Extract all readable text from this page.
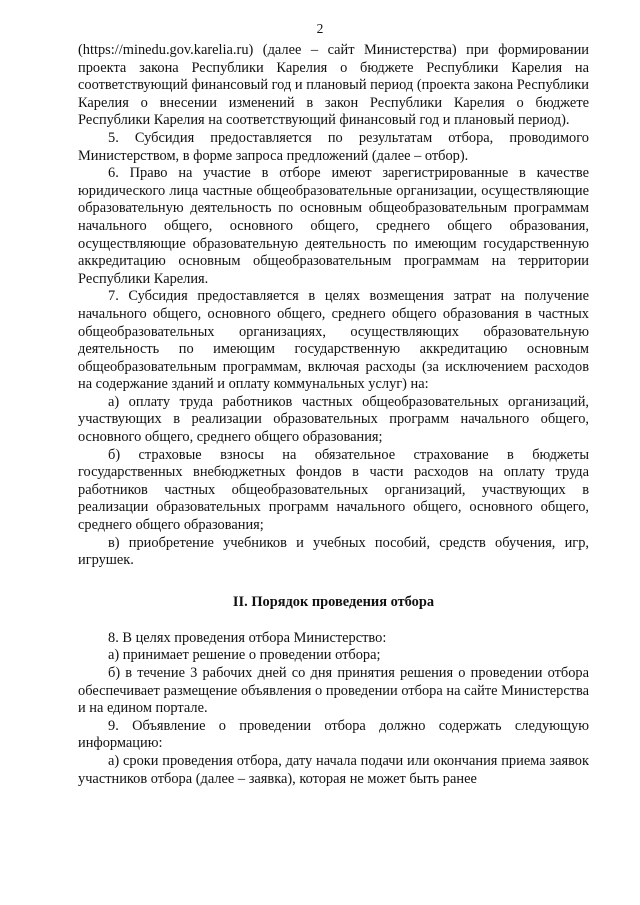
2

(https://minedu.gov.karelia.ru) (далее – сайт Министерства) при формировании проекта закона Республики Карелия о бюджете Республики Карелия на соответствующий финансовый год и плановый период (проекта закона Республики Карелия о внесении изменений в закон Республики Карелия о бюджете Республики Карелия на соответствующий финансовый год и плановый период).

5. Субсидия предоставляется по результатам отбора, проводимого Министерством, в форме запроса предложений (далее – отбор).

6. Право на участие в отборе имеют зарегистрированные в качестве юридического лица частные общеобразовательные организации, осуществляющие образовательную деятельность по основным общеобразовательным программам начального общего, основного общего, среднего общего образования, осуществляющие образовательную деятельность по имеющим государственную аккредитацию основным общеобразовательным программам на территории Республики Карелия.

7. Субсидия предоставляется в целях возмещения затрат на получение начального общего, основного общего, среднего общего образования в частных общеобразовательных организациях, осуществляющих образовательную деятельность по имеющим государственную аккредитацию основным общеобразовательным программам, включая расходы (за исключением расходов на содержание зданий и оплату коммунальных услуг) на:

а) оплату труда работников частных общеобразовательных организаций, участвующих в реализации образовательных программ начального общего, основного общего, среднего общего образования;

б) страховые взносы на обязательное страхование в бюджеты государственных внебюджетных фондов в части расходов на оплату труда работников частных общеобразовательных организаций, участвующих в реализации образовательных программ начального общего, основного общего, среднего общего образования;

в) приобретение учебников и учебных пособий, средств обучения, игр, игрушек.

II. Порядок проведения отбора

8. В целях проведения отбора Министерство:

а) принимает решение о проведении отбора;

б) в течение 3 рабочих дней со дня принятия решения о проведении отбора обеспечивает размещение объявления о проведении отбора на сайте Министерства и на едином портале.

9. Объявление о проведении отбора должно содержать следующую информацию:

а) сроки проведения отбора, дату начала подачи или окончания приема заявок участников отбора (далее – заявка), которая не может быть ранее
